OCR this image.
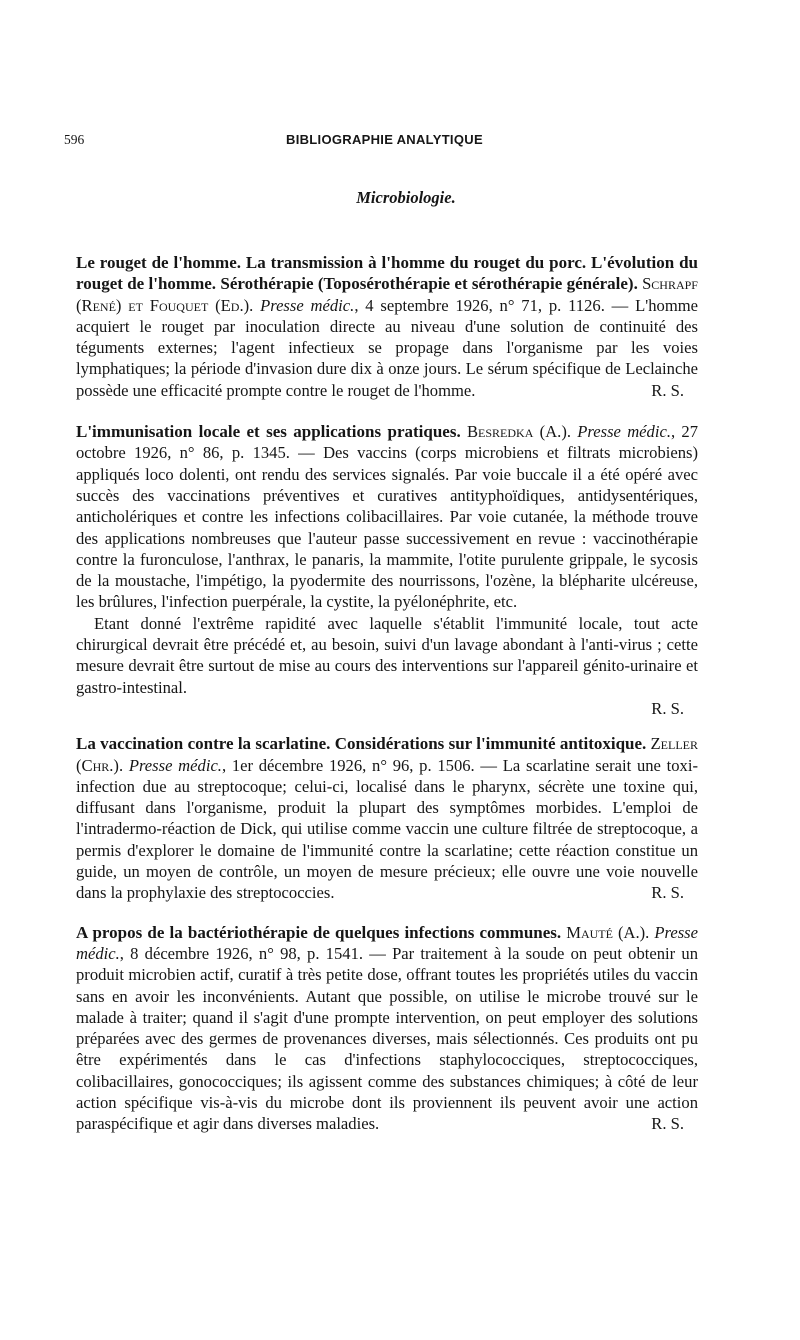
596	BIBLIOGRAPHIE ANALYTIQUE
Microbiologie.

Le rouget de l'homme. La transmission à l'homme du rouget du porc. L'évolution du rouget de l'homme. Sérothérapie (Toposérothérapie et sérothérapie générale). Schrapf (René) et Fouquet (Ed.). Presse médic., 4 septembre 1926, n° 71, p. 1126. — L'homme acquiert le rouget par inoculation directe au niveau d'une solution de continuité des téguments externes; l'agent infectieux se propage dans l'organisme par les voies lymphatiques; la période d'invasion dure dix à onze jours. Le sérum spécifique de Leclainche possède une efficacité prompte contre le rouget de l'homme.	R. S.

L'immunisation locale et ses applications pratiques. Besredka (A.). Presse médic., 27 octobre 1926, n° 86, p. 1345. — Des vaccins (corps microbiens et filtrats microbiens) appliqués loco dolenti, ont rendu des services signalés. Par voie buccale il a été opéré avec succès des vaccinations préventives et curatives antityphoïdiques, antidysentériques, anticholériques et contre les infections colibacillaires. Par voie cutanée, la méthode trouve des applications nombreuses que l'auteur passe successivement en revue : vaccinothérapie contre la furonculose, l'anthrax, le panaris, la mammite, l'otite purulente grippale, le sycosis de la moustache, l'impétigo, la pyodermite des nourrissons, l'ozène, la blépharite ulcéreuse, les brûlures, l'infection puerpérale, la cystite, la pyélonéphrite, etc.

Etant donné l'extrême rapidité avec laquelle s'établit l'immunité locale, tout acte chirurgical devrait être précédé et, au besoin, suivi d'un lavage abondant à l'anti-virus ; cette mesure devrait être surtout de mise au cours des interventions sur l'appareil génito-urinaire et gastro-intestinal.

R. S.

La vaccination contre la scarlatine. Considérations sur l'immunité antitoxique. Zeller (Chr.). Presse médic., 1er décembre 1926, n° 96, p. 1506. — La scarlatine serait une toxi-infection due au streptocoque; celui-ci, localisé dans le pharynx, sécrète une toxine qui, diffusant dans l'organisme, produit la plupart des symptômes morbides. L'emploi de l'intradermo-réaction de Dick, qui utilise comme vaccin une culture filtrée de streptocoque, a permis d'explorer le domaine de l'immunité contre la scarlatine; cette réaction constitue un guide, un moyen de contrôle, un moyen de mesure précieux; elle ouvre une voie nouvelle dans la prophylaxie des streptococcies.	R. S.

A propos de la bactériothérapie de quelques infections communes. Mauté (A.). Presse médic., 8 décembre 1926, n° 98, p. 1541. — Par traitement à la soude on peut obtenir un produit microbien actif, curatif à très petite dose, offrant toutes les propriétés utiles du vaccin sans en avoir les inconvénients. Autant que possible, on utilise le microbe trouvé sur le malade à traiter; quand il s'agit d'une prompte intervention, on peut employer des solutions préparées avec des germes de provenances diverses, mais sélectionnés. Ces produits ont pu être expérimentés dans le cas d'infections staphylococciques, streptococciques, colibacillaires, gonococciques; ils agissent comme des substances chimiques; à côté de leur action spécifique vis-à-vis du microbe dont ils proviennent ils peuvent avoir une action paraspécifique et agir dans diverses maladies.	R. S.
